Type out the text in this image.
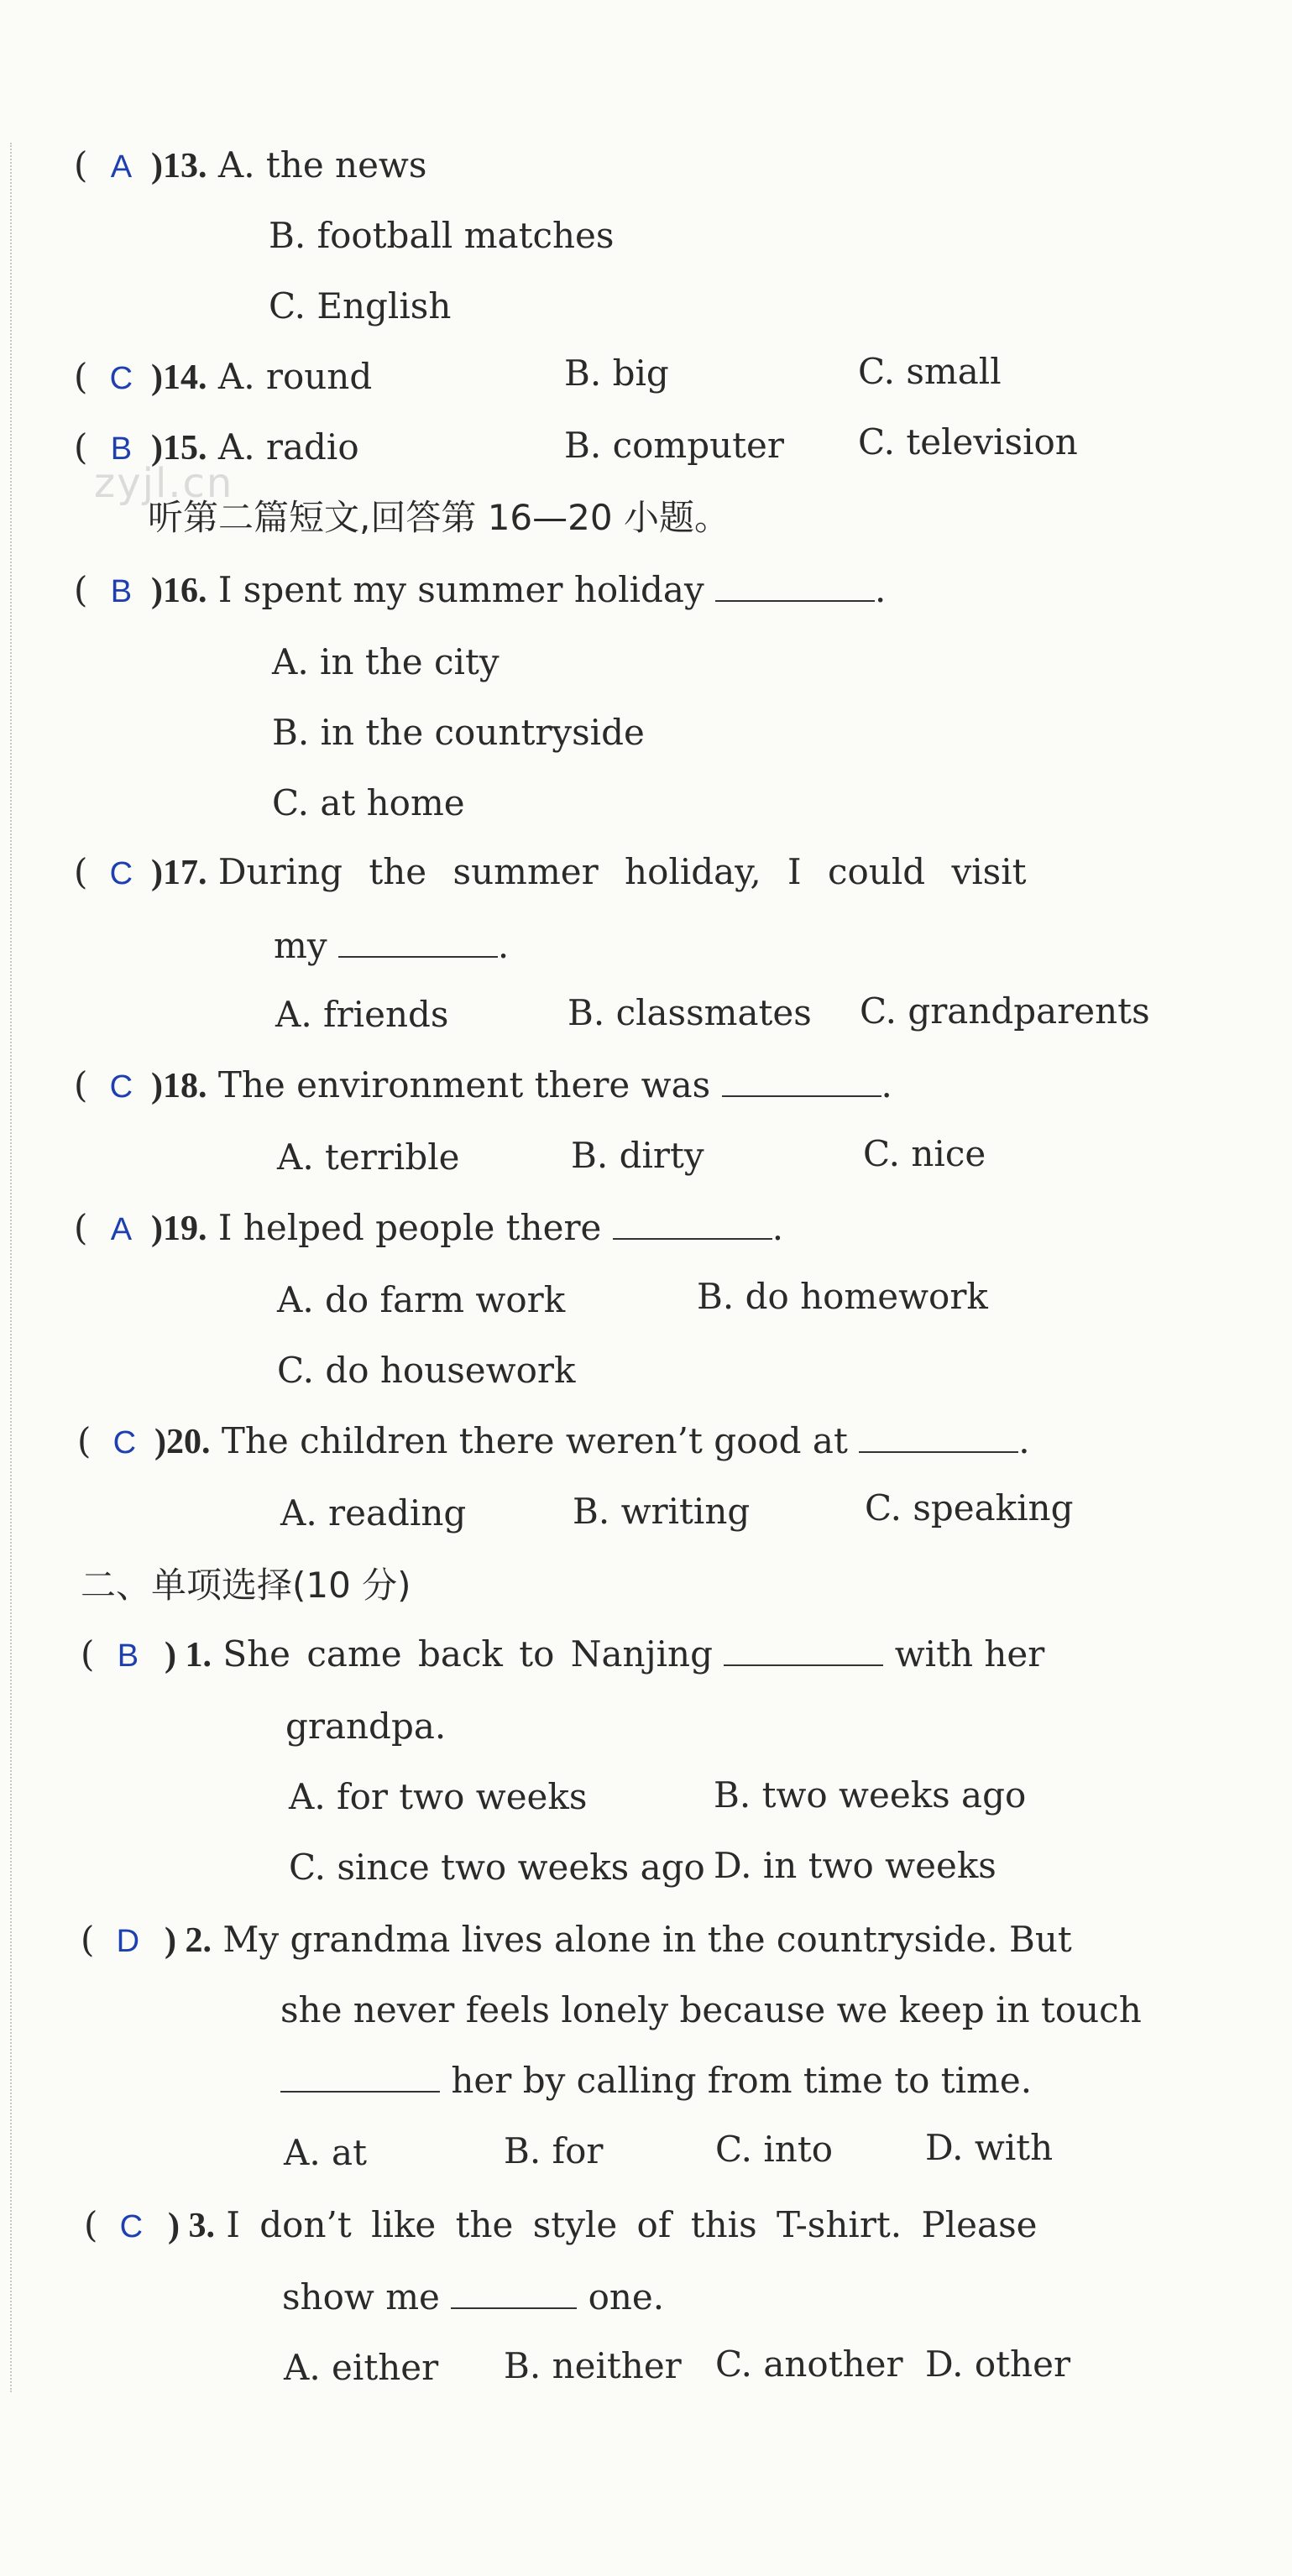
zyjl.cn
( A )13. A. the news
B. football matches
C. English
( C )14. A. round	B. big	C. small
( B )15. A. radio	B. computer C. television
听第二篇短文,回答第 16—20 小题。
( B )16. I spent my summer holiday	.
A. in the city
B. in the countryside
C. at home
( C )17. During the summer holiday, I could visit
my	.
A. friends	B. classmates C. grandparents
( C )18. The environment there was	.
A. terrible	B. dirty	C. nice
( A )19. I helped people there	.
A. do farm work	B. do homework
C. do housework
( C )20. The children there weren’t good at	.
A. reading	B. writing	C. speaking
二、单项选择(10 分)
( B ) 1. She came back to Nanjing	with her
grandpa.
A. for two weeks	B. two weeks ago
C. since two weeks ago D. in two weeks
( D ) 2. My grandma lives alone in the countryside. But
she never feels lonely because we keep in touch
her by calling from time to time.
A. at	B. for	C. into	D. with
( C ) 3. I don’t like the style of this T-shirt. Please
show me	one.
A. either B. neither C. another D. other
